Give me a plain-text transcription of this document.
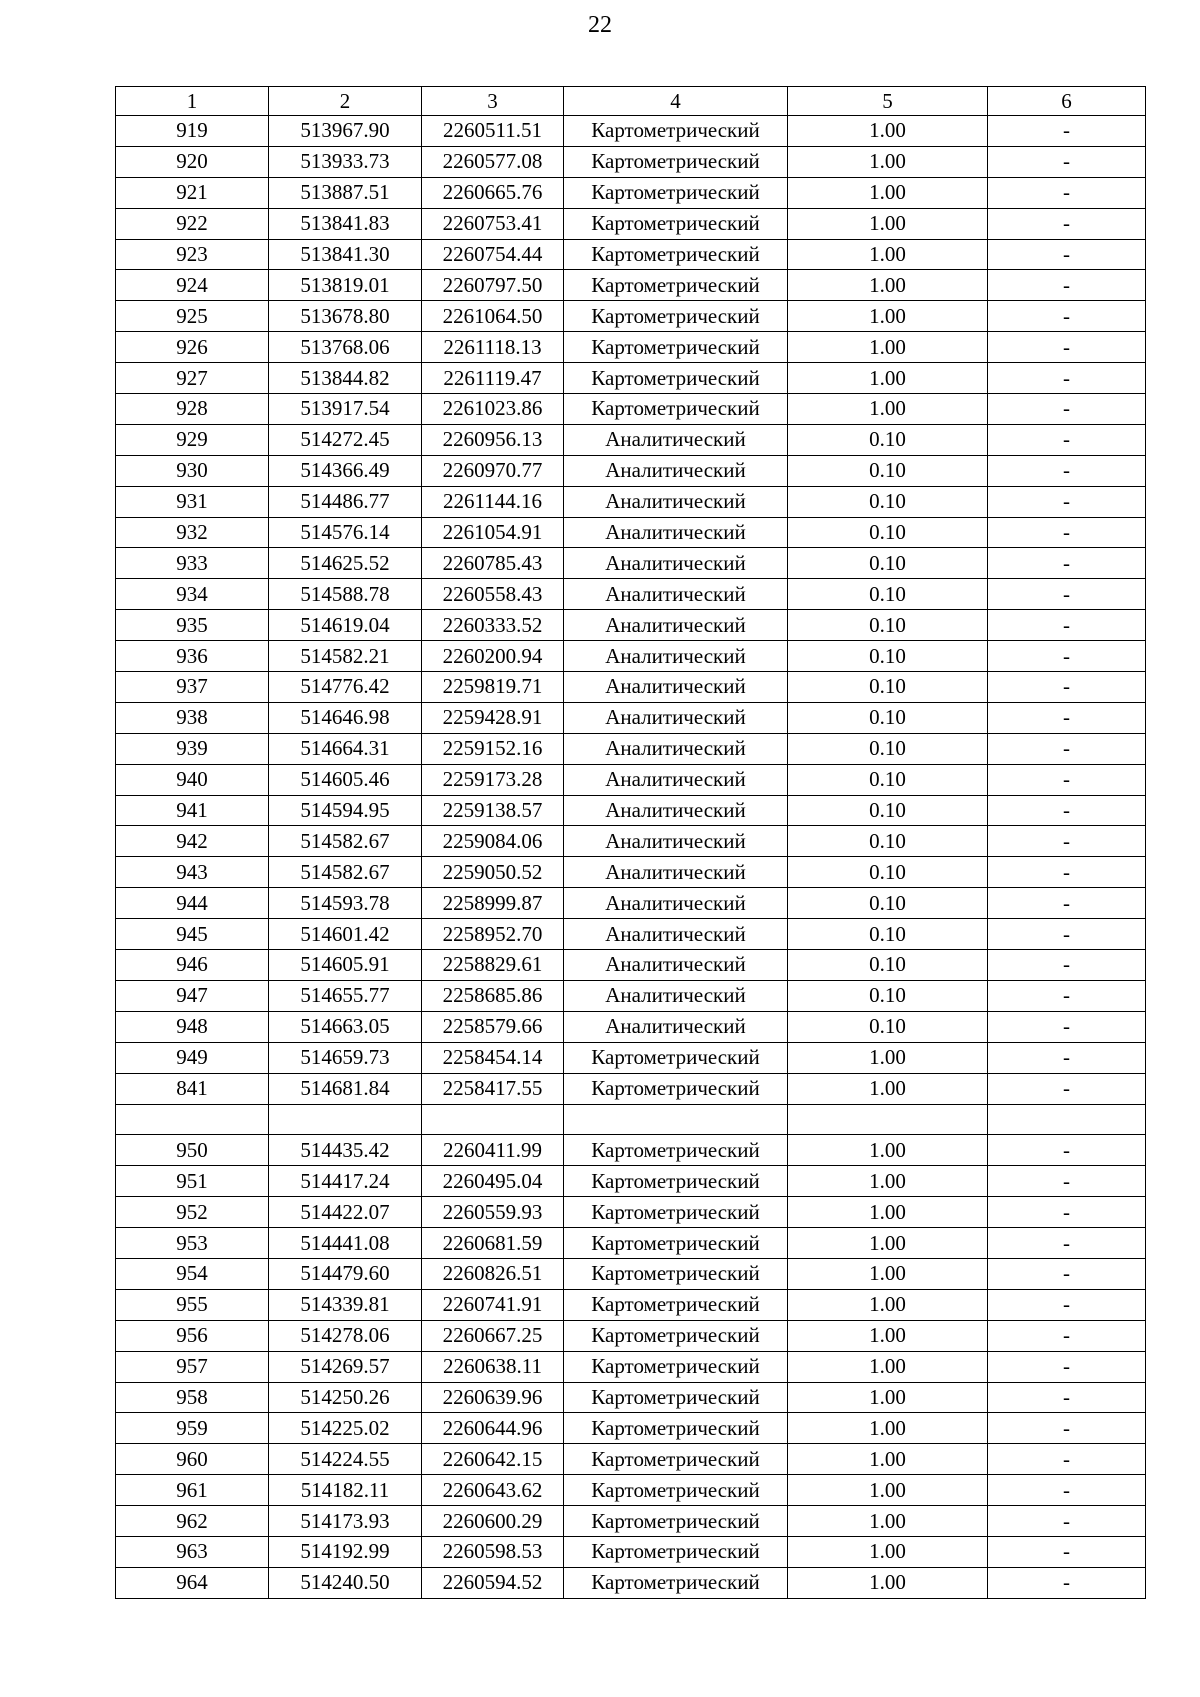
22
1	2	3	4	5	6
919	513967.90	2260511.51	Картометрический	1.00	-
920	513933.73	2260577.08	Картометрический	1.00	-
921	513887.51	2260665.76	Картометрический	1.00	-
922	513841.83	2260753.41	Картометрический	1.00	-
923	513841.30	2260754.44	Картометрический	1.00	-
924	513819.01	2260797.50	Картометрический	1.00	-
925	513678.80	2261064.50	Картометрический	1.00	-
926	513768.06	2261118.13	Картометрический	1.00	-
927	513844.82	2261119.47	Картометрический	1.00	-
928	513917.54	2261023.86	Картометрический	1.00	-
929	514272.45	2260956.13	Аналитический	0.10	-
930	514366.49	2260970.77	Аналитический	0.10	-
931	514486.77	2261144.16	Аналитический	0.10	-
932	514576.14	2261054.91	Аналитический	0.10	-
933	514625.52	2260785.43	Аналитический	0.10	-
934	514588.78	2260558.43	Аналитический	0.10	-
935	514619.04	2260333.52	Аналитический	0.10	-
936	514582.21	2260200.94	Аналитический	0.10	-
937	514776.42	2259819.71	Аналитический	0.10	-
938	514646.98	2259428.91	Аналитический	0.10	-
939	514664.31	2259152.16	Аналитический	0.10	-
940	514605.46	2259173.28	Аналитический	0.10	-
941	514594.95	2259138.57	Аналитический	0.10	-
942	514582.67	2259084.06	Аналитический	0.10	-
943	514582.67	2259050.52	Аналитический	0.10	-
944	514593.78	2258999.87	Аналитический	0.10	-
945	514601.42	2258952.70	Аналитический	0.10	-
946	514605.91	2258829.61	Аналитический	0.10	-
947	514655.77	2258685.86	Аналитический	0.10	-
948	514663.05	2258579.66	Аналитический	0.10	-
949	514659.73	2258454.14	Картометрический	1.00	-
841	514681.84	2258417.55	Картометрический	1.00	-

950	514435.42	2260411.99	Картометрический	1.00	-
951	514417.24	2260495.04	Картометрический	1.00	-
952	514422.07	2260559.93	Картометрический	1.00	-
953	514441.08	2260681.59	Картометрический	1.00	-
954	514479.60	2260826.51	Картометрический	1.00	-
955	514339.81	2260741.91	Картометрический	1.00	-
956	514278.06	2260667.25	Картометрический	1.00	-
957	514269.57	2260638.11	Картометрический	1.00	-
958	514250.26	2260639.96	Картометрический	1.00	-
959	514225.02	2260644.96	Картометрический	1.00	-
960	514224.55	2260642.15	Картометрический	1.00	-
961	514182.11	2260643.62	Картометрический	1.00	-
962	514173.93	2260600.29	Картометрический	1.00	-
963	514192.99	2260598.53	Картометрический	1.00	-
964	514240.50	2260594.52	Картометрический	1.00	-
